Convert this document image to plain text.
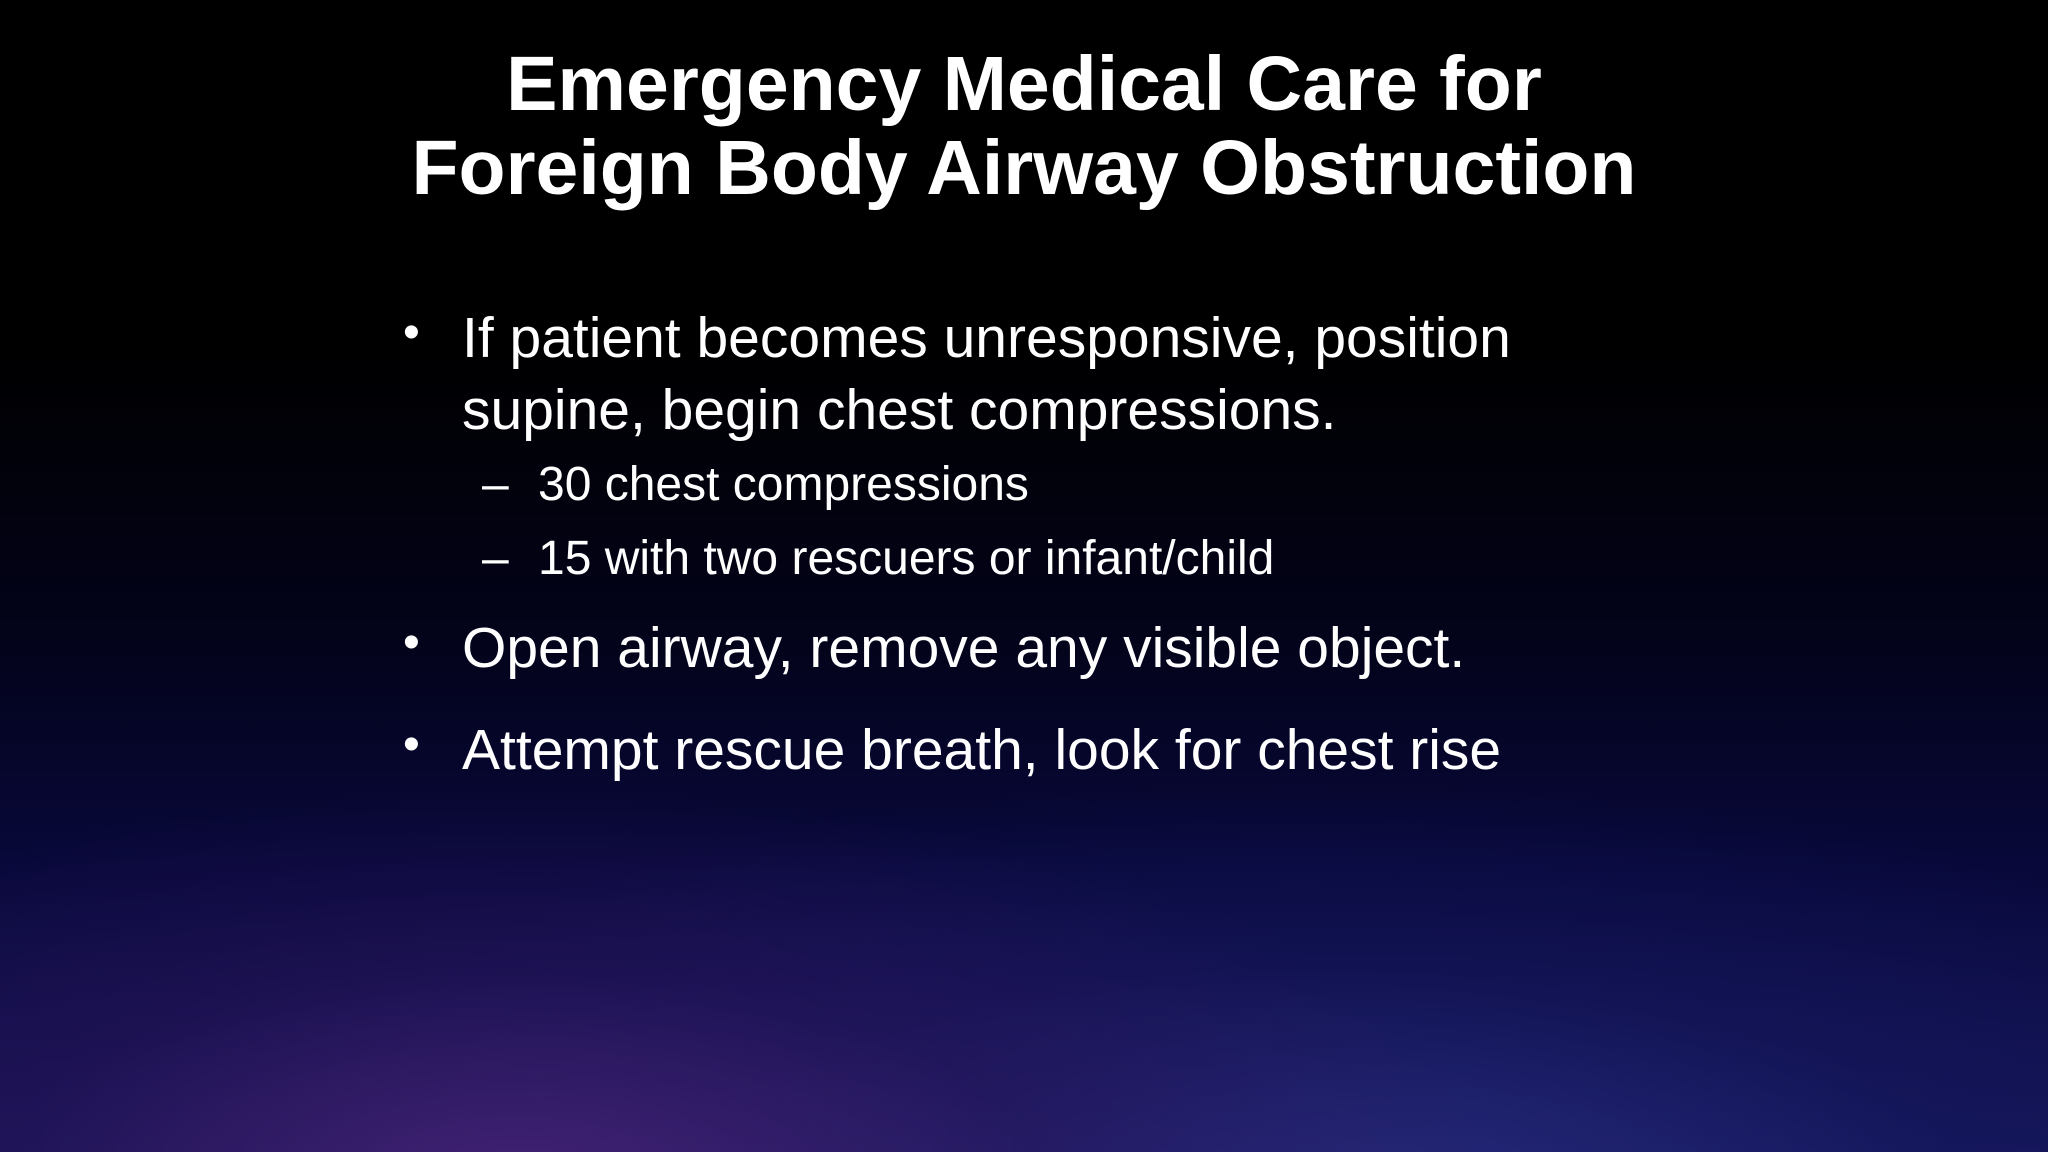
Emergency Medical Care for
Foreign Body Airway Obstruction
• If patient becomes unresponsive, position
supine, begin chest compressions.
– 30 chest compressions
– 15 with two rescuers or infant/child
• Open airway, remove any visible object.
• Attempt rescue breath, look for chest rise
